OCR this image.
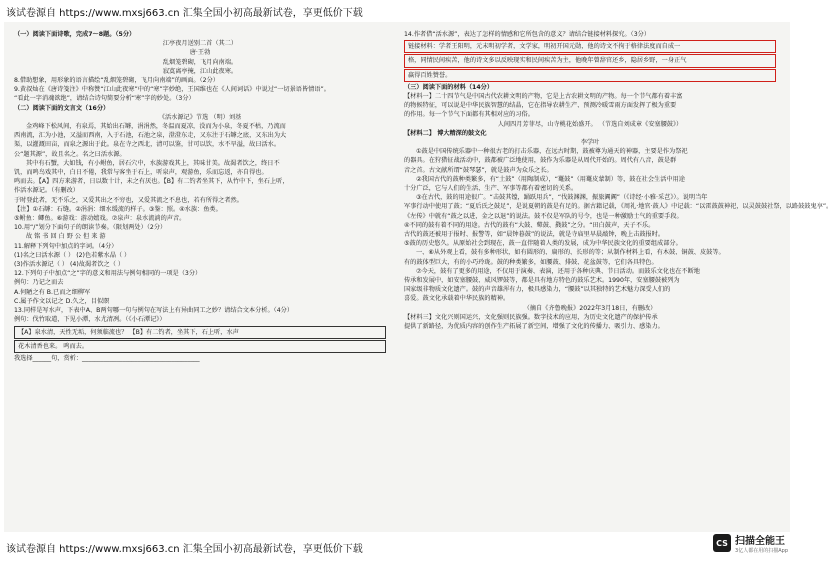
该试卷源自 https://www.mxsj663.cn 汇集全国小初高最新试卷，享更低价下载
（一）阅读下面诗歌，完成7～8题。（5分）
江亭夜月送别二首（其二）
唐·王勃
乱烟笼碧砌，飞月向南端。
寂寞离亭掩，江山此夜寒。
8.借助想象，用形象的语言描绘“乱烟笼碧砌，飞月向南端”的画面。（2分）
9.黄叔灿在《唐诗笺注》中称赞“江山此夜寒”中的“寒”字妙绝，王国维也在《人间词话》中说过“一切景语皆情语”。
“看此一字消魂欲绝”，请结合诗句简要分析“寒”字的妙处。（3分）
（二）阅读下面的文言文（16分）
《活水源记》节选 （明）刘基
金鸡峰下松风间，有泉焉，其始出石罅，涓涓然，冬温而夏凉，没而为小泉，冬夏不枯，乃流而
西南流，汇为小池，又溢而西南，入于石池，石池之泉，澄澄东走，又东注于石罅之底，又东出为大
渠，以灌溉田亩，而泉之源出于此。泉在寺之西北，清可以鉴，甘可以饮，水不旱溢，故曰活水。
公“题其源”，故且名之。名之曰活水源。
其中有石蟹，大如钱，有小鲋鱼，居石穴中，水族游戏其上，其味甘美。故渴者饮之，终日不
饥，而鸣鸟戏其中，白日不倦，我常与客坐于石上，听泉声，观游鱼，乐而忘返，亦自得也。
鸣而去。【A】四方来游者，日以数十计，未之有厌也。【B】有二钓者坐其下，从竹中下，坐石上听，
作活水源记。（有删改）
于时登此者，无不乐之，又爱其出之不穷也，又爱其流之不息也，若有所得之者然。
【注】①石罅：石缝。②涓涓：细水缓流的样子。③鉴：照。④水族：鱼类。
⑤鲋鱼：鲫鱼。⑥游戏：游动嬉戏。⑦泉声：泉水流淌的声音。
10.用“/”划分下面句子的朗读节奏。（限划两处）（2分）
故 铭 书 回 白 野 公 但 来 游
11.解释下列句中加点的字词。（4分）
(1)名之曰活水源（ ） (2)色若紫水晶（ ）
(3)作活水源记（ ） (4)故渴者饮之（ ）
12.下列句子中加点“之”字的意义和用法与例句相同的一项是（3分）
例句：乃记之而去
A.何陋之有 B.已而之细柳军
C.属予作文以记之 D.久之，目似瞑
13.同样是写水声，下表中A、B两句哪一句与例句在写法上有异曲同工之妙？请结合文本分析。（4分）
例句：伐竹取道，下见小潭，水尤清冽。（《小石潭记》）
【A】泉水清，天性无垢，何须临流也？ 【B】有二钓者，坐其下，石上听，水声
花木清香也来。 鸣而去。
我选择______句，赏析：______________________________________
14.作者借“活水源”，表达了怎样的情感和它所包含的意义？请结合链接材料探究。（3分）
链接材料：学者王阳明，元末明初学者，文学家，明初开国元勋，他的诗文不拘于格律法度而自成一
格，同情民间疾苦，他的诗文多以反映现实和民间疾苦为主，他晚年曾辞官还乡，隐居乡野，一身正气
赢得百姓赞誉。
（三）阅读下面的材料（14分）
【材料一】二十四节气是中国古代农耕文明的产物，它是上古农耕文明的产物。每一个节气都有着丰富
的物候特征，可以说是中华民族智慧的结晶，它在指导农耕生产、预测冷暖雪雨方面发挥了极为重要
的作用。每一个节气下面都有其相对应的习俗。
人间四月芳菲尽，山寺桃花始盛开。 （节选自刘成章《安塞腰鼓》）
【材料二】 博大精深的鼓文化
李学叶
①鼓是中国传统乐器中一种很古老的打击乐器，在远古时期，鼓被尊为通天的神器，主要是作为祭祀
的器具。在狩猎征战活动中，鼓都被广泛地使用，鼓作为乐器是从周代开始的。周代有八音，鼓是群
音之首。古文献所谓“鼓琴瑟”，就是鼓声为众乐之长。
②我国古代的鼓种类繁多，有“土鼓”（用陶制成），“鼍鼓”（用鼍皮蒙制）等，鼓在社会生活中用途
十分广泛，它与人们的生活、生产、军事等都有着密切的关系。
③在古代，鼓的用途很广。“击鼓其镗，踊跃用兵”，“伐鼓渊渊，振旅阗阗”（《诗经·小雅·采芑》）。说明当年
军事行动中使用了鼓；“夏后氏之鼓足”，是说夏朝的鼓是有足的。据古籍记载，《周礼·地官·鼓人》中记载：“以雷鼓鼓神祀，以灵鼓鼓社祭，以路鼓鼓鬼享”。
《左传》中就有“鼓之以进，金之以退”的说法。鼓不仅是军队的号令，也是一种激励士气的重要手段。
④不同的鼓有着不同的用途。古代的鼓有“大鼓、鼙鼓、鼗鼓”之分。“田白鼓声，天子不乐。
古代的鼓还被用于报时、报警等，如“晨钟暮鼓”的说法，就是寺庙里早晨敲钟，晚上击鼓报时。
⑤鼓的历史悠久。从原始社会到现在，鼓一直伴随着人类的发展，成为中华民族文化的重要组成部分。
一、⑥从外观上看，鼓有多种形状，如有圆形的、扁形的、长形的等；从制作材料上看，有木鼓、铜鼓、皮鼓等。
有的鼓体型巨大，有的小巧玲珑。鼓的种类繁多，如腰鼓、排鼓、花盆鼓等，它们各具特色。
⑦今天，鼓有了更多的用途，不仅用于演奏、表演，还用于各种庆典、节日活动。而鼓乐文化也在不断地
传承和发展中，如安塞腰鼓、威风锣鼓等，都是具有地方特色的鼓乐艺术。1990年，安塞腰鼓被列为
国家级非物质文化遗产。鼓的声音雄浑有力，极具感染力，“腰鼓”以其独特的艺术魅力深受人们的
喜爱。鼓文化承载着中华民族的精神。
（摘自《齐鲁晚报》2022年3月18日，有删改）
【材料三】文化兴则国运兴，文化强则民族强。数字技术的应用，为历史文化遗产的保护传承
提供了新路径，为优质内容的创作生产拓展了新空间，增强了文化的传播力、吸引力、感染力。
该试卷源自 https://www.mxsj663.cn 汇集全国小初高最新试卷，享更低价下载
CS 扫描全能王
3亿人都在用的扫描App
